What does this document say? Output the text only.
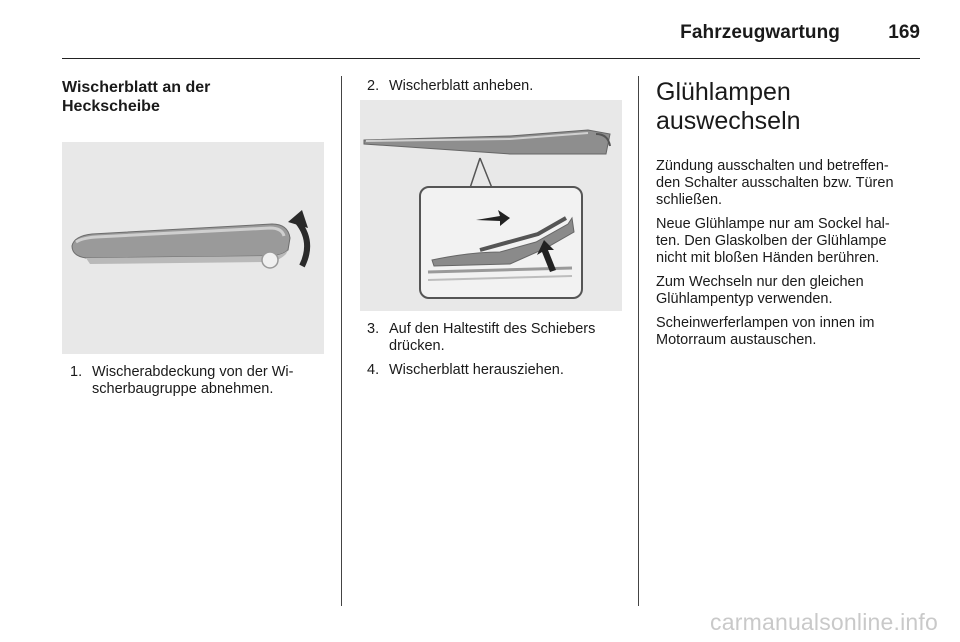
Fahrzeugwartung	169
Wischerblatt an der
Heckscheibe
1. Wischerabdeckung von der Wi-
scherbaugruppe abnehmen.
2. Wischerblatt anheben.
3. Auf den Haltestift des Schiebers
drücken.
4. Wischerblatt herausziehen.
Glühlampen
auswechseln

Zündung ausschalten und betreffen-
den Schalter ausschalten bzw. Türen
schließen.

Neue Glühlampe nur am Sockel hal-
ten. Den Glaskolben der Glühlampe
nicht mit bloßen Händen berühren.

Zum Wechseln nur den gleichen
Glühlampentyp verwenden.

Scheinwerferlampen von innen im
Motorraum austauschen.

carmanualsonline.info
